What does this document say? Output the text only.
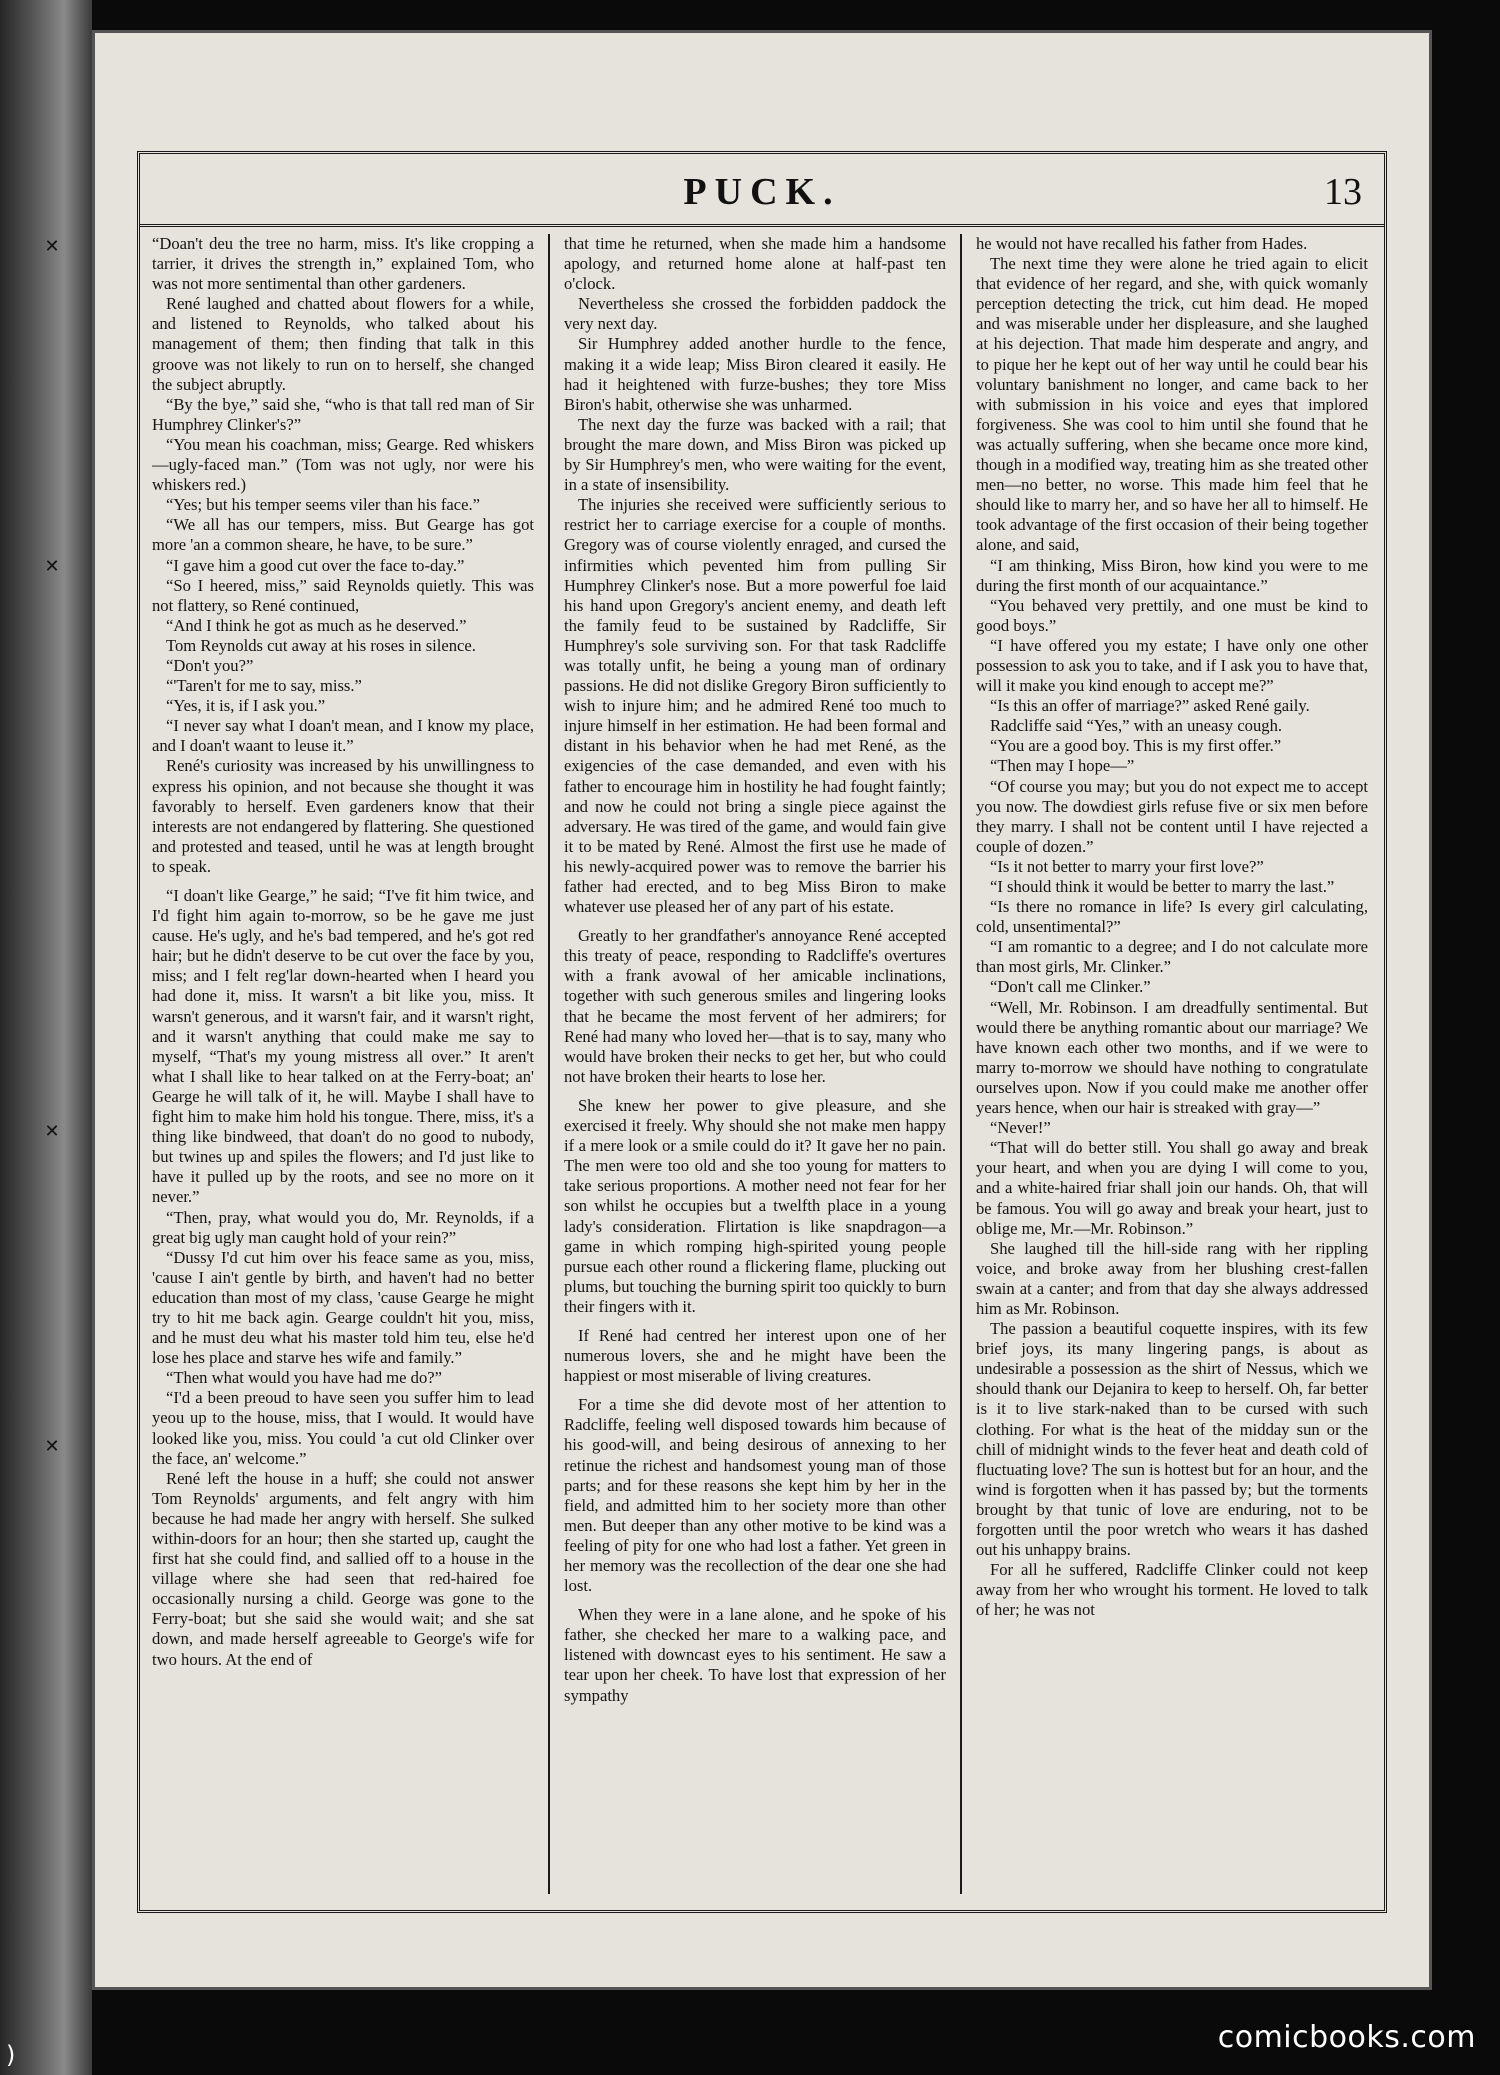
✕
✕
✕
✕
PUCK.	13

“Doan't deu the tree no harm, miss. It's like cropping a tarrier, it drives the strength in,” explained Tom, who was not more sentimental than other gardeners.

René laughed and chatted about flowers for a while, and listened to Reynolds, who talked about his management of them; then finding that talk in this groove was not likely to run on to herself, she changed the subject abruptly.

“By the bye,” said she, “who is that tall red man of Sir Humphrey Clinker's?”

“You mean his coachman, miss; Gearge. Red whiskers—ugly-faced man.” (Tom was not ugly, nor were his whiskers red.)

“Yes; but his temper seems viler than his face.”

“We all has our tempers, miss. But Gearge has got more 'an a common sheare, he have, to be sure.”

“I gave him a good cut over the face to-day.”

“So I heered, miss,” said Reynolds quietly. This was not flattery, so René continued,

“And I think he got as much as he deserved.”

Tom Reynolds cut away at his roses in silence.

“Don't you?”

“'Taren't for me to say, miss.”

“Yes, it is, if I ask you.”

“I never say what I doan't mean, and I know my place, and I doan't waant to leuse it.”

René's curiosity was increased by his unwillingness to express his opinion, and not because she thought it was favorably to herself. Even gardeners know that their interests are not endangered by flattering. She questioned and protested and teased, until he was at length brought to speak.

“I doan't like Gearge,” he said; “I've fit him twice, and I'd fight him again to-morrow, so be he gave me just cause. He's ugly, and he's bad tempered, and he's got red hair; but he didn't deserve to be cut over the face by you, miss; and I felt reg'lar down-hearted when I heard you had done it, miss. It warsn't a bit like you, miss. It warsn't generous, and it warsn't fair, and it warsn't right, and it warsn't anything that could make me say to myself, “That's my young mistress all over.” It aren't what I shall like to hear talked on at the Ferry-boat; an' Gearge he will talk of it, he will. Maybe I shall have to fight him to make him hold his tongue. There, miss, it's a thing like bindweed, that doan't do no good to nubody, but twines up and spiles the flowers; and I'd just like to have it pulled up by the roots, and see no more on it never.”

“Then, pray, what would you do, Mr. Reynolds, if a great big ugly man caught hold of your rein?”

“Dussy I'd cut him over his feace same as you, miss, 'cause I ain't gentle by birth, and haven't had no better education than most of my class, 'cause Gearge he might try to hit me back agin. Gearge couldn't hit you, miss, and he must deu what his master told him teu, else he'd lose hes place and starve hes wife and family.”

“Then what would you have had me do?”

“I'd a been preoud to have seen you suffer him to lead yeou up to the house, miss, that I would. It would have looked like you, miss. You could 'a cut old Clinker over the face, an' welcome.”

René left the house in a huff; she could not answer Tom Reynolds' arguments, and felt angry with him because he had made her angry with herself. She sulked within-doors for an hour; then she started up, caught the first hat she could find, and sallied off to a house in the village where she had seen that red-haired foe occasionally nursing a child. George was gone to the Ferry-boat; but she said she would wait; and she sat down, and made herself agreeable to George's wife for two hours. At the end of

that time he returned, when she made him a handsome apology, and returned home alone at half-past ten o'clock.

Nevertheless she crossed the forbidden paddock the very next day.

Sir Humphrey added another hurdle to the fence, making it a wide leap; Miss Biron cleared it easily. He had it heightened with furze-bushes; they tore Miss Biron's habit, otherwise she was unharmed.

The next day the furze was backed with a rail; that brought the mare down, and Miss Biron was picked up by Sir Humphrey's men, who were waiting for the event, in a state of insensibility.

The injuries she received were sufficiently serious to restrict her to carriage exercise for a couple of months. Gregory was of course violently enraged, and cursed the infirmities which pevented him from pulling Sir Humphrey Clinker's nose. But a more powerful foe laid his hand upon Gregory's ancient enemy, and death left the family feud to be sustained by Radcliffe, Sir Humphrey's sole surviving son. For that task Radcliffe was totally unfit, he being a young man of ordinary passions. He did not dislike Gregory Biron sufficiently to wish to injure him; and he admired René too much to injure himself in her estimation. He had been formal and distant in his behavior when he had met René, as the exigencies of the case demanded, and even with his father to encourage him in hostility he had fought faintly; and now he could not bring a single piece against the adversary. He was tired of the game, and would fain give it to be mated by René. Almost the first use he made of his newly-acquired power was to remove the barrier his father had erected, and to beg Miss Biron to make whatever use pleased her of any part of his estate.

Greatly to her grandfather's annoyance René accepted this treaty of peace, responding to Radcliffe's overtures with a frank avowal of her amicable inclinations, together with such generous smiles and lingering looks that he became the most fervent of her admirers; for René had many who loved her—that is to say, many who would have broken their necks to get her, but who could not have broken their hearts to lose her.

She knew her power to give pleasure, and she exercised it freely. Why should she not make men happy if a mere look or a smile could do it? It gave her no pain. The men were too old and she too young for matters to take serious proportions. A mother need not fear for her son whilst he occupies but a twelfth place in a young lady's consideration. Flirtation is like snapdragon—a game in which romping high-spirited young people pursue each other round a flickering flame, plucking out plums, but touching the burning spirit too quickly to burn their fingers with it.

If René had centred her interest upon one of her numerous lovers, she and he might have been the happiest or most miserable of living creatures.

For a time she did devote most of her attention to Radcliffe, feeling well disposed towards him because of his good-will, and being desirous of annexing to her retinue the richest and handsomest young man of those parts; and for these reasons she kept him by her in the field, and admitted him to her society more than other men. But deeper than any other motive to be kind was a feeling of pity for one who had lost a father. Yet green in her memory was the recollection of the dear one she had lost.

When they were in a lane alone, and he spoke of his father, she checked her mare to a walking pace, and listened with downcast eyes to his sentiment. He saw a tear upon her cheek. To have lost that expression of her sympathy

he would not have recalled his father from Hades.

The next time they were alone he tried again to elicit that evidence of her regard, and she, with quick womanly perception detecting the trick, cut him dead. He moped and was miserable under her displeasure, and she laughed at his dejection. That made him desperate and angry, and to pique her he kept out of her way until he could bear his voluntary banishment no longer, and came back to her with submission in his voice and eyes that implored forgiveness. She was cool to him until she found that he was actually suffering, when she became once more kind, though in a modified way, treating him as she treated other men—no better, no worse. This made him feel that he should like to marry her, and so have her all to himself. He took advantage of the first occasion of their being together alone, and said,

“I am thinking, Miss Biron, how kind you were to me during the first month of our acquaintance.”

“You behaved very prettily, and one must be kind to good boys.”

“I have offered you my estate; I have only one other possession to ask you to take, and if I ask you to have that, will it make you kind enough to accept me?”

“Is this an offer of marriage?” asked René gaily.

Radcliffe said “Yes,” with an uneasy cough.

“You are a good boy. This is my first offer.”

“Then may I hope—”

“Of course you may; but you do not expect me to accept you now. The dowdiest girls refuse five or six men before they marry. I shall not be content until I have rejected a couple of dozen.”

“Is it not better to marry your first love?”

“I should think it would be better to marry the last.”

“Is there no romance in life? Is every girl calculating, cold, unsentimental?”

“I am romantic to a degree; and I do not calculate more than most girls, Mr. Clinker.”

“Don't call me Clinker.”

“Well, Mr. Robinson. I am dreadfully sentimental. But would there be anything romantic about our marriage? We have known each other two months, and if we were to marry to-morrow we should have nothing to congratulate ourselves upon. Now if you could make me another offer years hence, when our hair is streaked with gray—”

“Never!”

“That will do better still. You shall go away and break your heart, and when you are dying I will come to you, and a white-haired friar shall join our hands. Oh, that will be famous. You will go away and break your heart, just to oblige me, Mr.—Mr. Robinson.”

She laughed till the hill-side rang with her rippling voice, and broke away from her blushing crest-fallen swain at a canter; and from that day she always addressed him as Mr. Robinson.

The passion a beautiful coquette inspires, with its few brief joys, its many lingering pangs, is about as undesirable a possession as the shirt of Nessus, which we should thank our Dejanira to keep to herself. Oh, far better is it to live stark-naked than to be cursed with such clothing. For what is the heat of the midday sun or the chill of midnight winds to the fever heat and death cold of fluctuating love? The sun is hottest but for an hour, and the wind is forgotten when it has passed by; but the torments brought by that tunic of love are enduring, not to be forgotten until the poor wretch who wears it has dashed out his unhappy brains.

For all he suffered, Radcliffe Clinker could not keep away from her who wrought his torment. He loved to talk of her; he was not

comicbooks.com
)
